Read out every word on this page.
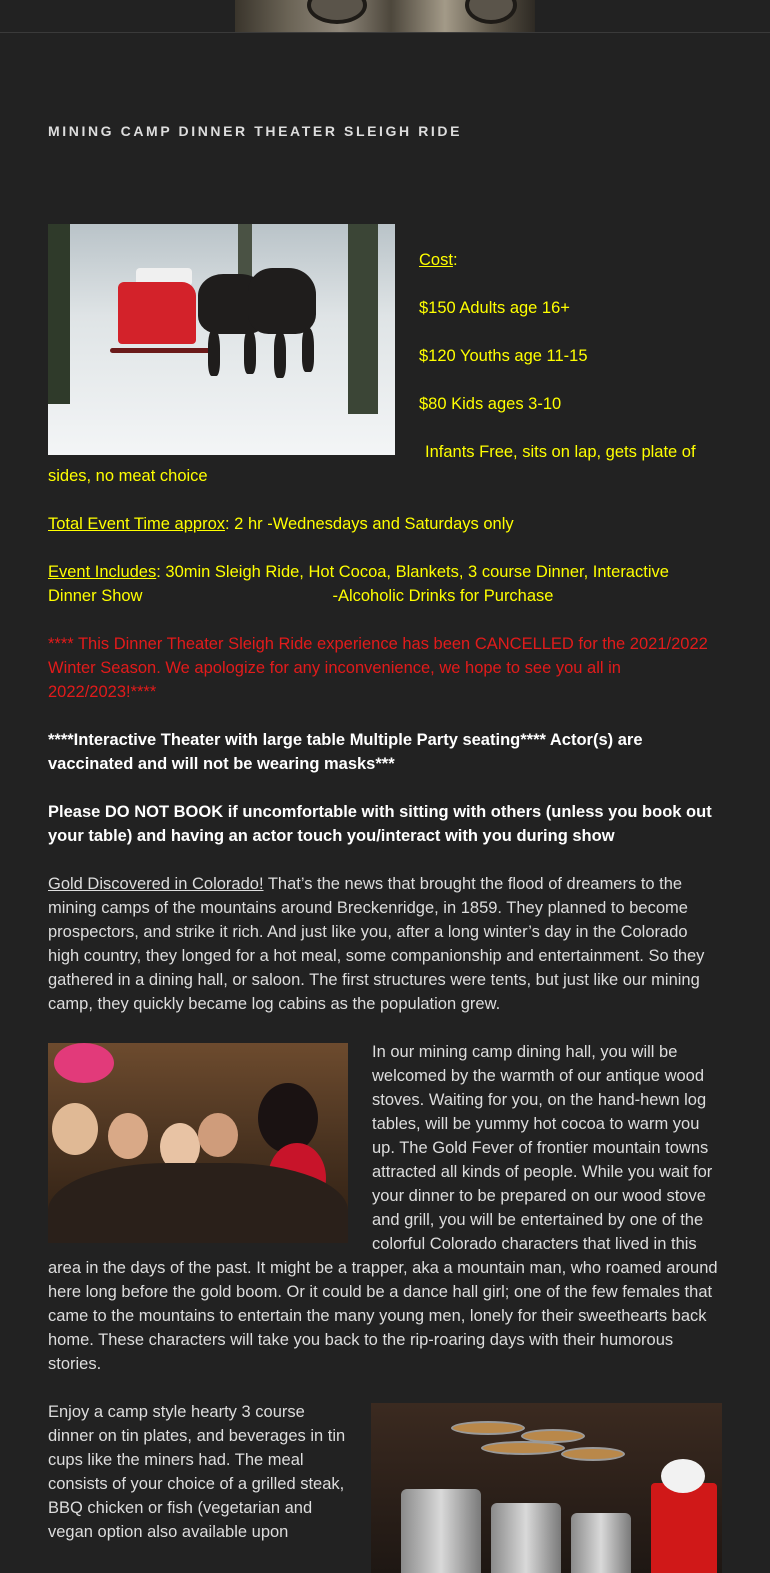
MINING CAMP DINNER THEATER SLEIGH RIDE

Cost:

$150 Adults age 16+

$120 Youths age 11-15

$80 Kids ages 3-10

Infants Free, sits on lap, gets plate of sides, no meat choice

Total Event Time approx: 2 hr -Wednesdays and Saturdays only

Event Includes: 30min Sleigh Ride, Hot Cocoa, Blankets, 3 course Dinner, Interactive Dinner Show	-Alcoholic Drinks for Purchase

**** This Dinner Theater Sleigh Ride experience has been CANCELLED for the 2021/2022 Winter Season. We apologize for any inconvenience, we hope to see you all in 2022/2023!****

****Interactive Theater with large table Multiple Party seating**** Actor(s) are vaccinated and will not be wearing masks***

Please DO NOT BOOK if uncomfortable with sitting with others (unless you book out your table) and having an actor touch you/interact with you during show

Gold Discovered in Colorado! That’s the news that brought the flood of dreamers to the mining camps of the mountains around Breckenridge, in 1859. They planned to become prospectors, and strike it rich. And just like you, after a long winter’s day in the Colorado high country, they longed for a hot meal, some companionship and entertainment. So they gathered in a dining hall, or saloon. The first structures were tents, but just like our mining camp, they quickly became log cabins as the population grew.

In our mining camp dining hall, you will be welcomed by the warmth of our antique wood stoves. Waiting for you, on the hand-hewn log tables, will be yummy hot cocoa to warm you up. The Gold Fever of frontier mountain towns attracted all kinds of people. While you wait for your dinner to be prepared on our wood stove and grill, you will be entertained by one of the colorful Colorado characters that lived in this area in the days of the past. It might be a trapper, aka a mountain man, who roamed around here long before the gold boom. Or it could be a dance hall girl; one of the few females that came to the mountains to entertain the many young men, lonely for their sweethearts back home. These characters will take you back to the rip-roaring days with their humorous stories.

Enjoy a camp style hearty 3 course dinner on tin plates, and beverages in tin cups like the miners had. The meal consists of your choice of a grilled steak, BBQ chicken or fish (vegetarian and vegan option also available upon
